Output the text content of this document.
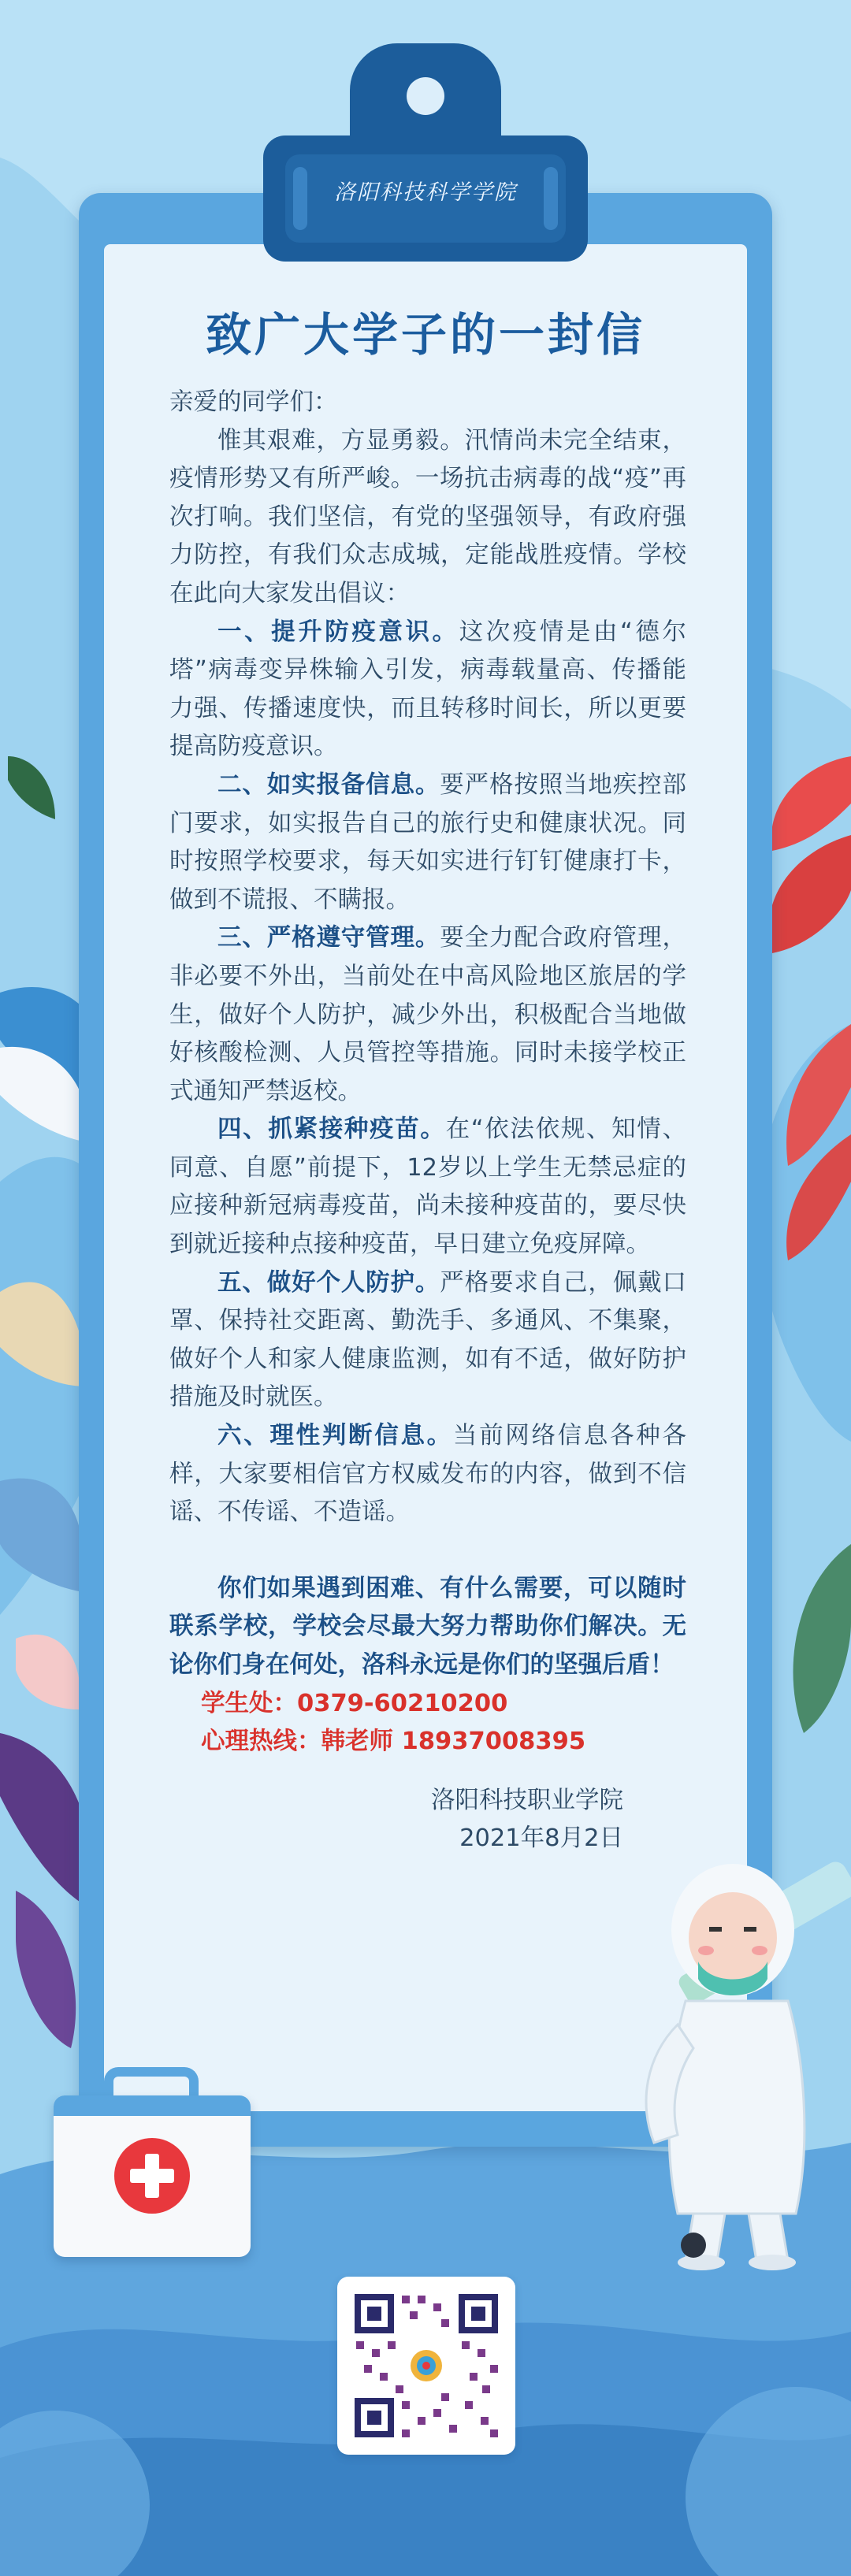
洛阳科技科学学院
致广大学子的一封信

亲爱的同学们：

惟其艰难，方显勇毅。汛情尚未完全结束，疫情形势又有所严峻。一场抗击病毒的战“疫”再次打响。我们坚信，有党的坚强领导，有政府强力防控，有我们众志成城，定能战胜疫情。学校在此向大家发出倡议：

一、提升防疫意识。这次疫情是由“德尔塔”病毒变异株输入引发，病毒载量高、传播能力强、传播速度快，而且转移时间长，所以更要提高防疫意识。

二、如实报备信息。要严格按照当地疾控部门要求，如实报告自己的旅行史和健康状况。同时按照学校要求，每天如实进行钉钉健康打卡，做到不谎报、不瞒报。

三、严格遵守管理。要全力配合政府管理，非必要不外出，当前处在中高风险地区旅居的学生，做好个人防护，减少外出，积极配合当地做好核酸检测、人员管控等措施。同时未接学校正式通知严禁返校。

四、抓紧接种疫苗。在“依法依规、知情、同意、自愿”前提下，12岁以上学生无禁忌症的应接种新冠病毒疫苗，尚未接种疫苗的，要尽快到就近接种点接种疫苗，早日建立免疫屏障。

五、做好个人防护。严格要求自己，佩戴口罩、保持社交距离、勤洗手、多通风、不集聚，做好个人和家人健康监测，如有不适，做好防护措施及时就医。

六、理性判断信息。当前网络信息各种各样，大家要相信官方权威发布的内容，做到不信谣、不传谣、不造谣。

你们如果遇到困难、有什么需要，可以随时联系学校，学校会尽最大努力帮助你们解决。无论你们身在何处，洛科永远是你们的坚强后盾！

学生处：0379-60210200

心理热线：韩老师 18937008395

洛阳科技职业学院

2021年8月2日
